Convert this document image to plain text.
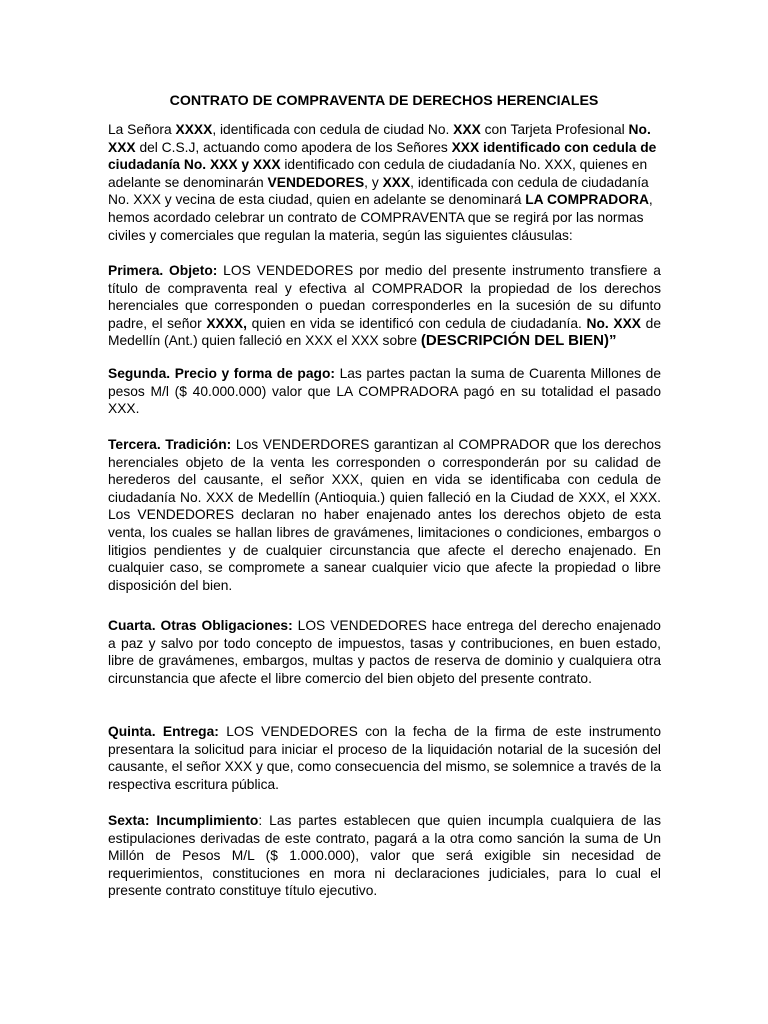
CONTRATO DE COMPRAVENTA DE DERECHOS HERENCIALES
La Señora XXXX, identificada con cedula de ciudad No. XXX con Tarjeta Profesional No. XXX del C.S.J, actuando como apodera de los Señores XXX identificado con cedula de ciudadanía No. XXX y XXX identificado con cedula de ciudadanía No. XXX, quienes en adelante se denominarán VENDEDORES, y XXX, identificada con cedula de ciudadanía No. XXX y vecina de esta ciudad, quien en adelante se denominará LA COMPRADORA, hemos acordado celebrar un contrato de COMPRAVENTA que se regirá por las normas civiles y comerciales que regulan la materia, según las siguientes cláusulas:
Primera. Objeto: LOS VENDEDORES por medio del presente instrumento transfiere a título de compraventa real y efectiva al COMPRADOR la propiedad de los derechos herenciales que corresponden o puedan corresponderles en la sucesión de su difunto padre, el señor XXXX, quien en vida se identificó con cedula de ciudadanía. No. XXX de Medellín (Ant.) quien falleció en XXX el XXX sobre (DESCRIPCIÓN DEL BIEN)”
Segunda. Precio y forma de pago: Las partes pactan la suma de Cuarenta Millones de pesos M/l ($ 40.000.000) valor que LA COMPRADORA pagó en su totalidad el pasado XXX.
Tercera. Tradición: Los VENDERDORES garantizan al COMPRADOR que los derechos herenciales objeto de la venta les corresponden o corresponderán por su calidad de herederos del causante, el señor XXX, quien en vida se identificaba con cedula de ciudadanía No. XXX de Medellín (Antioquia.) quien falleció en la Ciudad de XXX, el XXX. Los VENDEDORES declaran no haber enajenado antes los derechos objeto de esta venta, los cuales se hallan libres de gravámenes, limitaciones o condiciones, embargos o litigios pendientes y de cualquier circunstancia que afecte el derecho enajenado. En cualquier caso, se compromete a sanear cualquier vicio que afecte la propiedad o libre disposición del bien.
Cuarta. Otras Obligaciones: LOS VENDEDORES hace entrega del derecho enajenado a paz y salvo por todo concepto de impuestos, tasas y contribuciones, en buen estado, libre de gravámenes, embargos, multas y pactos de reserva de dominio y cualquiera otra circunstancia que afecte el libre comercio del bien objeto del presente contrato.
Quinta. Entrega: LOS VENDEDORES con la fecha de la firma de este instrumento presentara la solicitud para iniciar el proceso de la liquidación notarial de la sucesión del causante, el señor XXX y que, como consecuencia del mismo, se solemnice a través de la respectiva escritura pública.
Sexta: Incumplimiento: Las partes establecen que quien incumpla cualquiera de las estipulaciones derivadas de este contrato, pagará a la otra como sanción la suma de Un Millón de Pesos M/L ($ 1.000.000), valor que será exigible sin necesidad de requerimientos, constituciones en mora ni declaraciones judiciales, para lo cual el presente contrato constituye título ejecutivo.
